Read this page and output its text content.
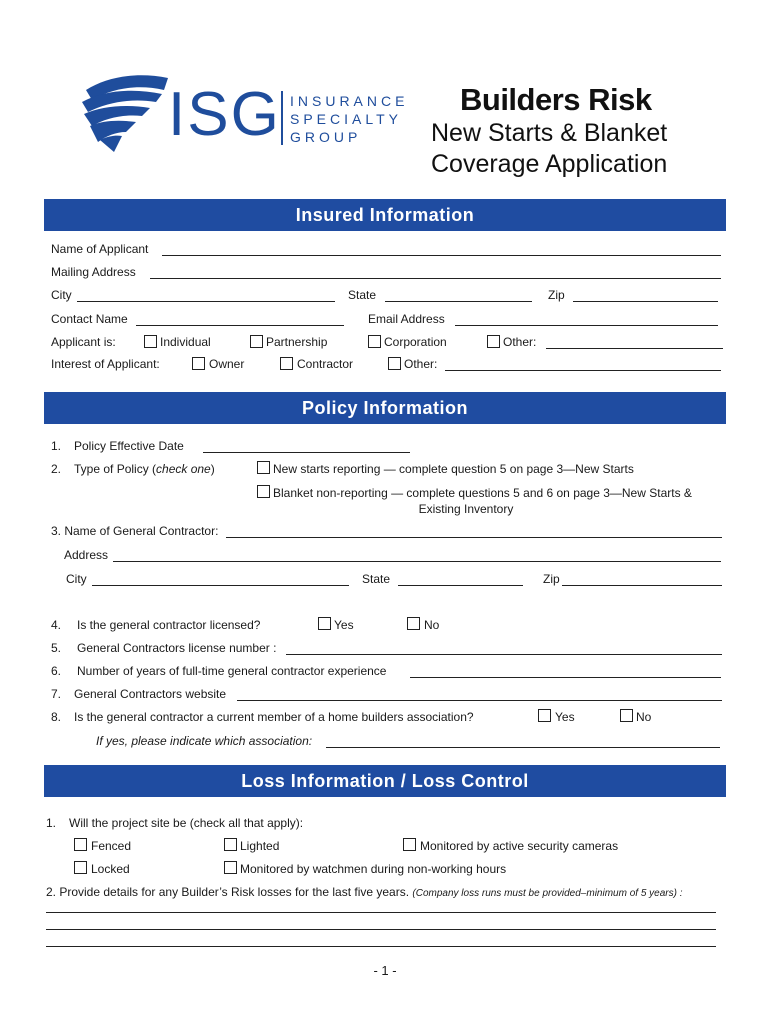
ISG INSURANCE
SPECIALTY
GROUP
Builders Risk
New Starts & Blanket
Coverage Application
Insured Information
Name of Applicant
Mailing Address
City	State	Zip
Contact Name	Email Address
Applicant is:	Individual	Partnership	Corporation	Other:
Interest of Applicant:	Owner	Contractor	Other:
Policy Information
1. Policy Effective Date
2. Type of Policy (check one)	New starts reporting — complete question 5 on page 3—New Starts
Blanket non-reporting — complete questions 5 and 6 on page 3—New Starts &
Existing Inventory
3. Name of General Contractor:
Address
City	State	Zip
4. Is the general contractor licensed?	Yes	No
5. General Contractors license number :
6. Number of years of full-time general contractor experience
7. General Contractors website
8. Is the general contractor a current member of a home builders association?	Yes	No
If yes, please indicate which association:
Loss Information / Loss Control
1. Will the project site be (check all that apply):
Fenced	Lighted	Monitored by active security cameras
Locked	Monitored by watchmen during non-working hours
2. Provide details for any Builder’s Risk losses for the last five years. (Company loss runs must be provided–minimum of 5 years) :
- 1 -
